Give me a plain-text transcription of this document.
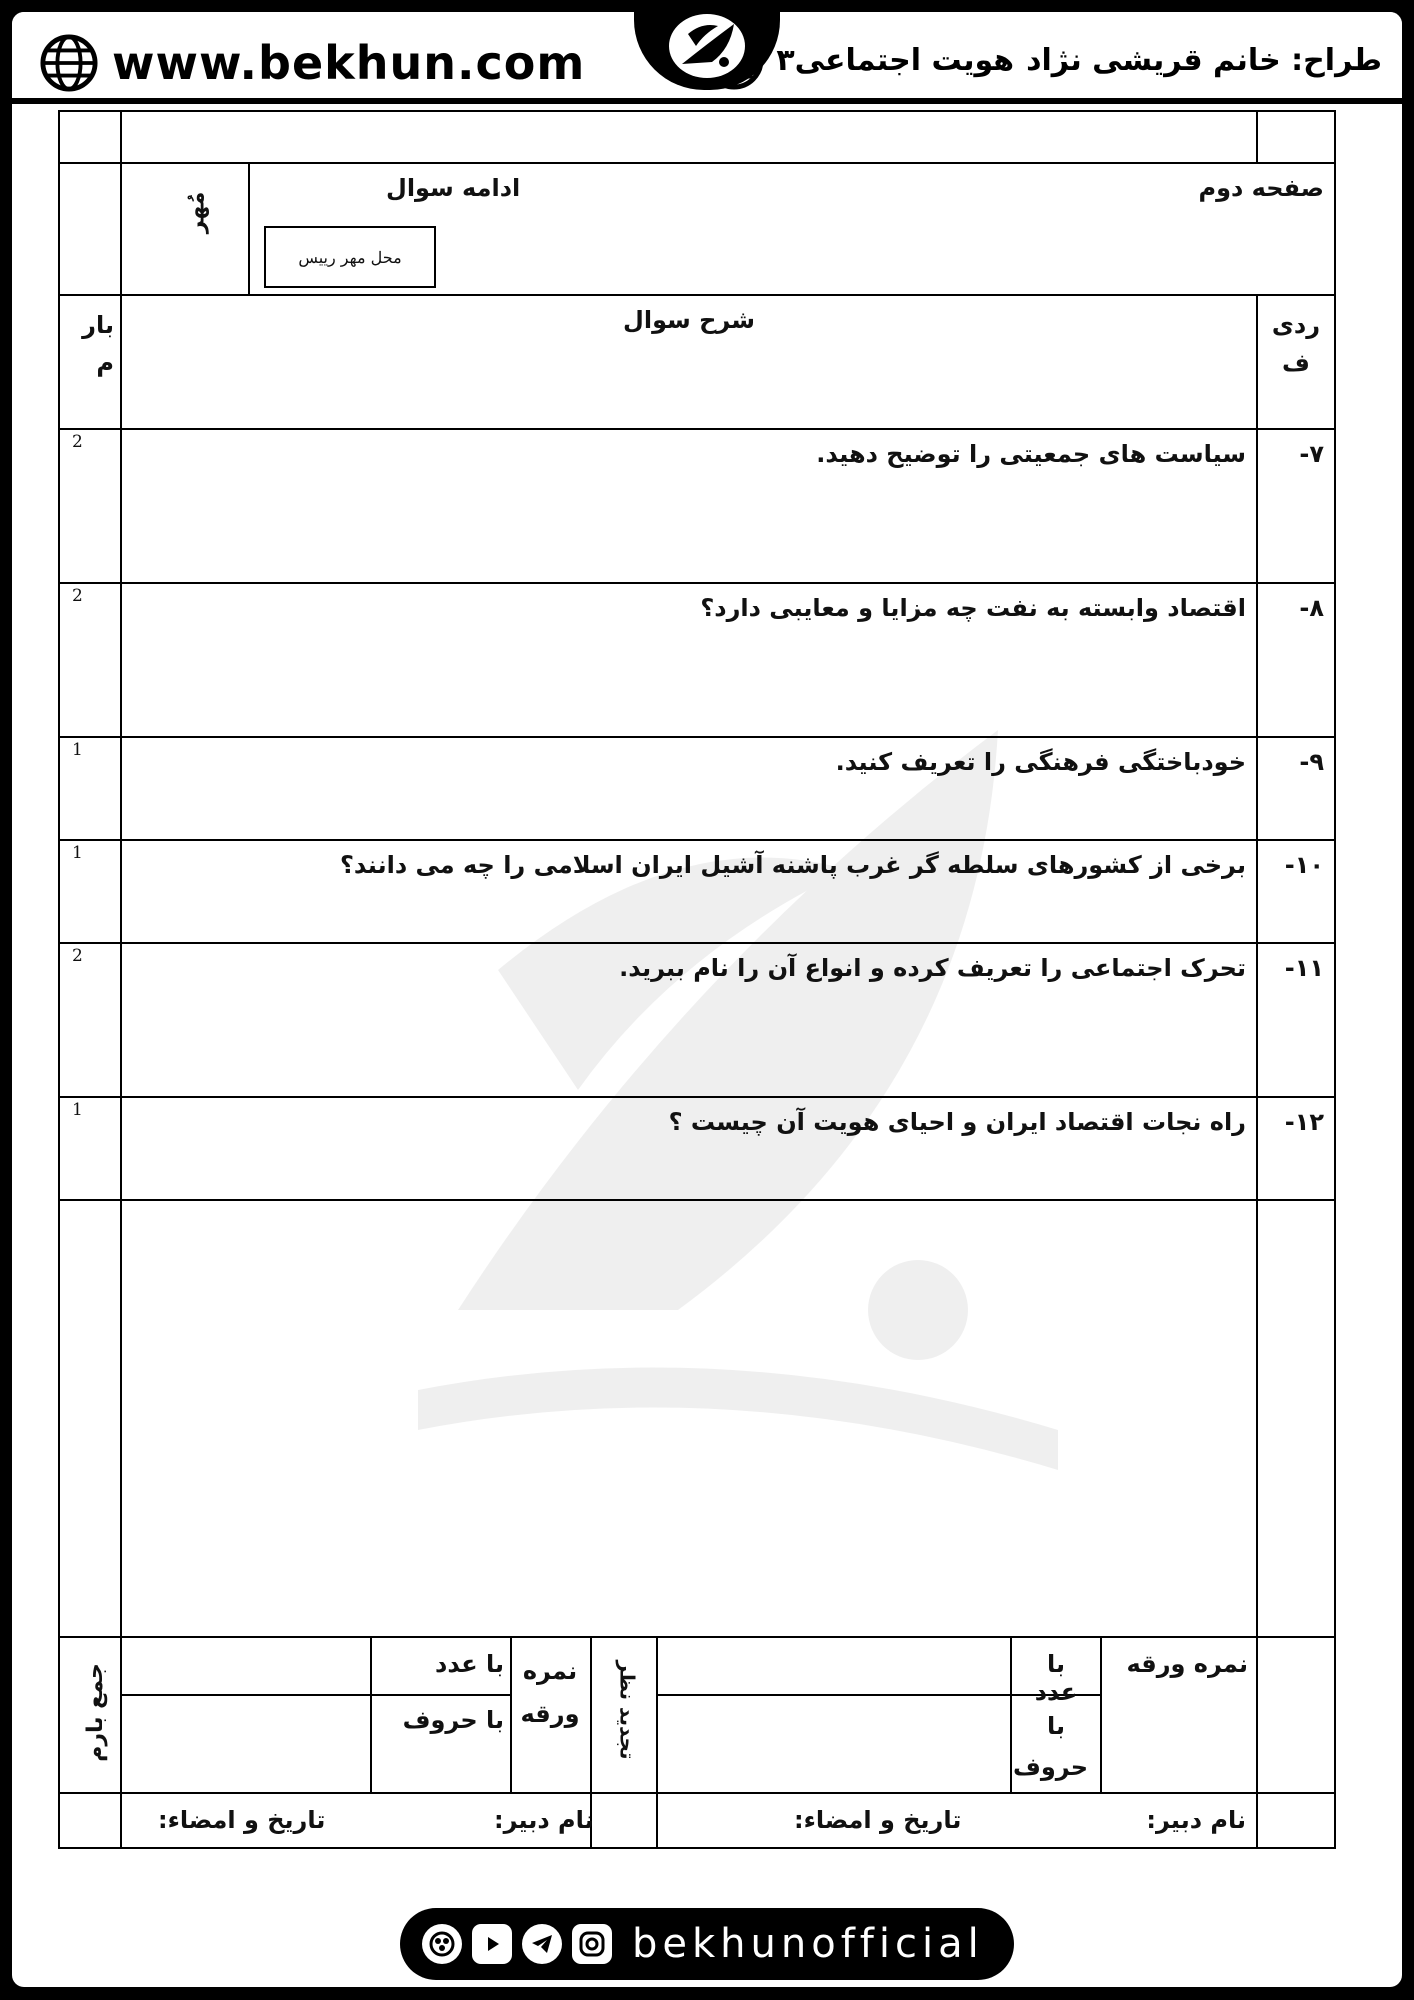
www.bekhun.com	هویت اجتماعی۳ طراح: خانم قریشی نژاد
صفحه دوم
ادامه سوال
مُهر
محل مهر رییس
ردی
ف
شرح سوال
بار
م
۷-
سیاست های جمعیتی را توضیح دهید.
2
۸-
اقتصاد وابسته به نفت چه مزایا و معایبی دارد؟
2
۹-
خودباختگی فرهنگی را تعریف کنید.
1
۱۰-
برخی از کشورهای سلطه گر غرب پاشنه آشیل ایران اسلامی را چه می دانند؟
1
۱۱-
تحرک اجتماعی را تعریف کرده و انواع آن را نام ببرید.
2
۱۲-
راه نجات اقتصاد ایران و احیای هویت آن چیست ؟
1
نمره ورقه
با عدد
با
حروف
تجدید نظر
نمره
ورقه
با عدد
با حروف
جمع بارم
نام دبیر:
تاریخ و امضاء:
نام دبیر:
تاریخ و امضاء:
bekhunofficial
